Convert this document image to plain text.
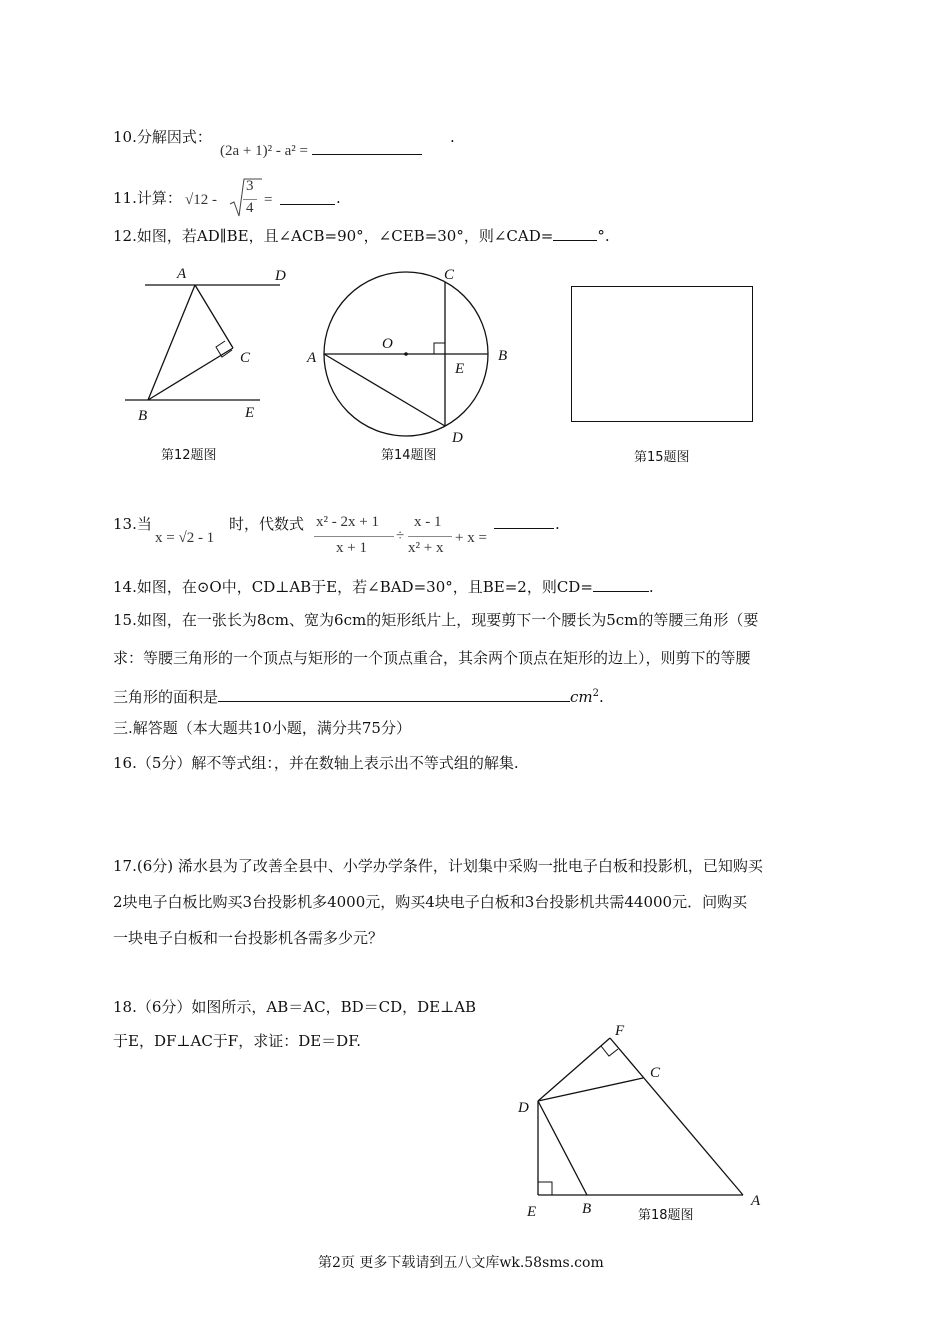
10.分解因式：
(2a + 1)² - a² =
.
11.计算： √12 -
3
4 =	.
12.如图，若AD∥BE，且∠ACB=90°，∠CEB=30°，则∠CAD=	°.
A	D
C
B	E
第12题图
C
A
O
B
E
D
第14题图	第15题图
13.当
x = √2 - 1
时，代数式 x² - 2x + 1
x + 1
÷
x - 1
x² + x
+ x =
.
14.如图，在⊙O中，CD⊥AB于E，若∠BAD=30°，且BE=2，则CD=	.
15.如图，在一张长为8cm、宽为6cm的矩形纸片上，现要剪下一个腰长为5cm的等腰三角形（要
求：等腰三角形的一个顶点与矩形的一个顶点重合，其余两个顶点在矩形的边上），则剪下的等腰
三角形的面积是	$cm^2$.
三.解答题（本大题共10小题，满分共75分）
16.（5分）解不等式组：，并在数轴上表示出不等式组的解集.
17.(6分) 浠水县为了改善全县中、小学办学条件，计划集中采购一批电子白板和投影机，已知购买
2块电子白板比购买3台投影机多4000元，购买4块电子白板和3台投影机共需44000元．问购买
一块电子白板和一台投影机各需多少元？
18.（6分）如图所示，AB＝AC，BD＝CD，DE⊥AB
于E，DF⊥AC于F，求证：DE＝DF.
F
C
D
E	B	A
第18题图
第2页 更多下载请到五八文库wk.58sms.com
